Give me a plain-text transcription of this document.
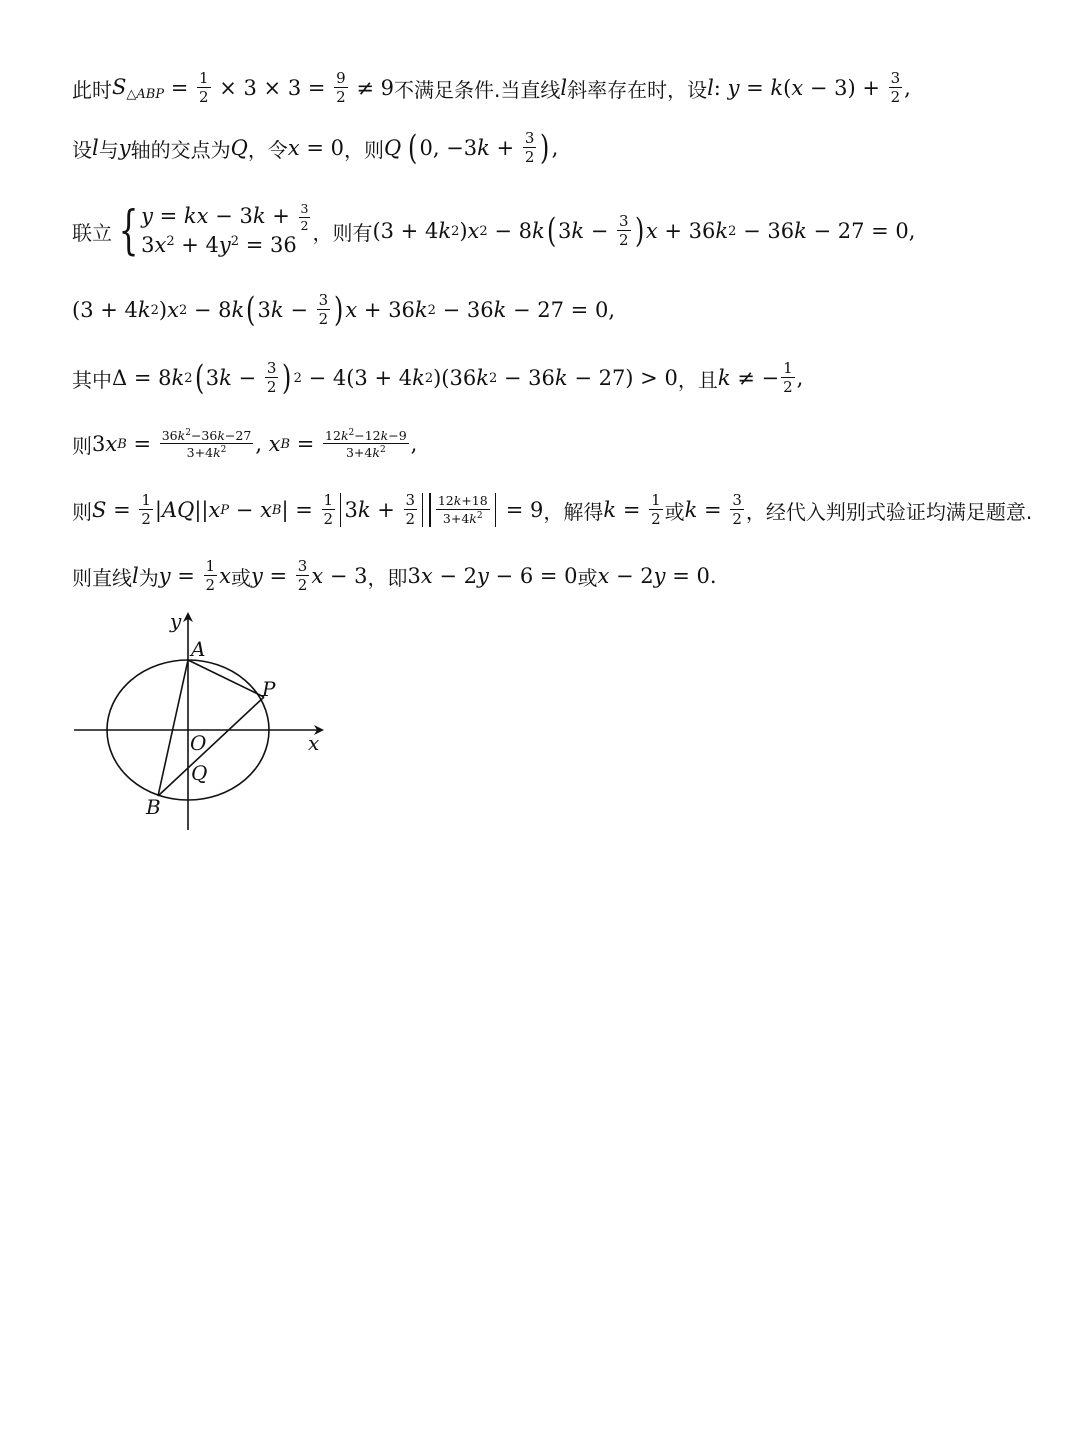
此时 $S_{\triangle ABP} = \frac{1}{2} \times 3 \times 3 = \frac{9}{2} \ne 9$ 不满足条件.当直线 l 斜率存在时，设 l : y = k ( $x - 3) + \frac{3}{2}$ ,
设 l 与 y 轴的交点为 Q ，令 x = 0 ，则 Q ( 0, −3 $k + \frac{3}{2}$ ) ,
联立 { y = kx − $3k + \frac{3}{2}$
$3x^2 + 4y^2 = 36$
，则有 (3 + 4 k 2 ) x 2 − 8 k ( 3 $k - \frac{3}{2}$ ) x + 36 k 2 − 36 k − 27 = 0,
(3 + 4 k 2 ) x 2 − 8 k ( 3 $k - \frac{3}{2}$ ) x + 36 k 2 − 36 k − 27 = 0,
其中 Δ = 8 k 2 ( 3 $k - \frac{3}{2}$ ) 2 − 4(3 + 4 k 2 )(36 k 2 − 36 k − 27) > 0 ，且 k ≠ − $\frac{1}{2}$ ,
则 3 x $B = \frac{36k^2-36k-27}{3+4k^2}$ , x $B = \frac{12k^2-12k-9}{3+4k^2}$ ,
则 $S = \frac{1}{2}$ | AQ || x P − x B | = $\frac{1}{2} 3$ $k + \frac{3}{2} \frac{12k+18}{3+4k^2} = 9$ ，解得 $k = \frac{1}{2}$ 或 $k = \frac{3}{2}$ ，经代入判别式验证均满足题意.
则直线 l 为 $y = \frac{1}{2}$ x 或 $y = \frac{3}{2}$ x − 3 ，即 3 x − 2 y − 6 = 0 或 x − 2 y = 0.
y
x
A
P
O
Q
B
